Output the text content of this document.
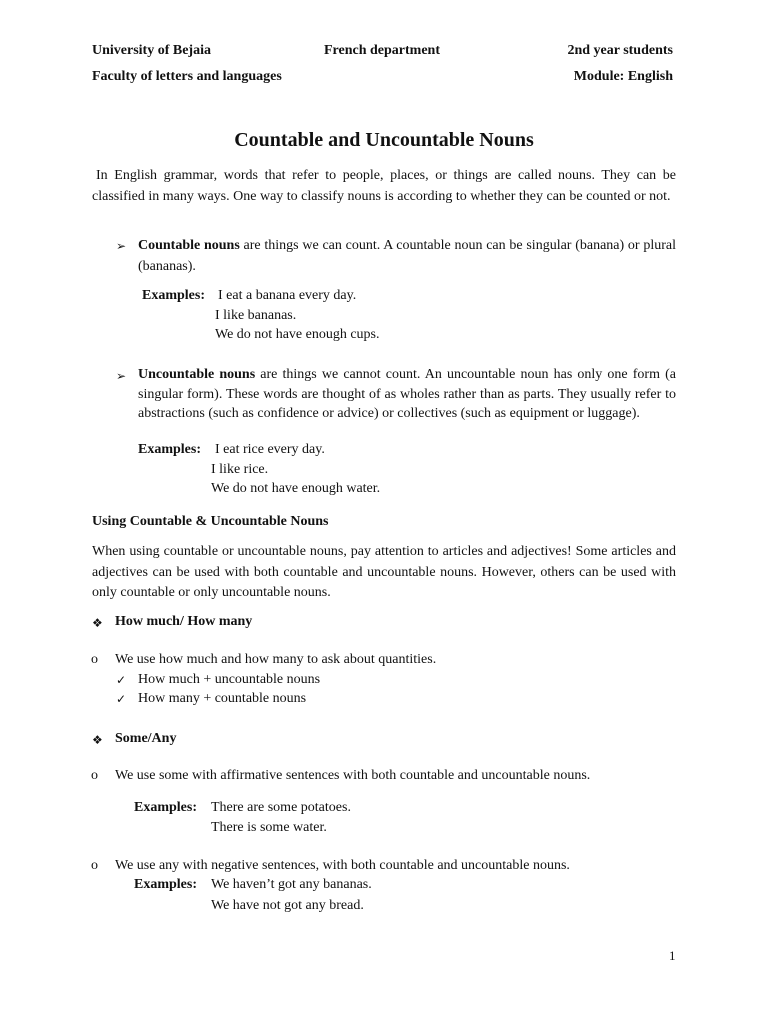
University of Bejaia	French department	2nd year students
Faculty of letters and languages	Module: English
Countable and Uncountable Nouns
In English grammar, words that refer to people, places, or things are called nouns. They can be classified in many ways. One way to classify nouns is according to whether they can be counted or not.
➢ Countable nouns are things we can count. A countable noun can be singular (banana) or plural (bananas).
Examples: I eat a banana every day.
I like bananas.
We do not have enough cups.
➢ Uncountable nouns are things we cannot count. An uncountable noun has only one form (a singular form). These words are thought of as wholes rather than as parts. They usually refer to abstractions (such as confidence or advice) or collectives (such as equipment or luggage).
Examples: I eat rice every day.
I like rice.
We do not have enough water.
Using Countable & Uncountable Nouns
When using countable or uncountable nouns, pay attention to articles and adjectives! Some articles and adjectives can be used with both countable and uncountable nouns. However, others can be used with only countable or only uncountable nouns.
❖ How much/ How many
o We use how much and how many to ask about quantities.
✓ How much + uncountable nouns
✓ How many + countable nouns
❖ Some/Any
o We use some with affirmative sentences with both countable and uncountable nouns.
Examples: There are some potatoes.
There is some water.
o We use any with negative sentences, with both countable and uncountable nouns.
Examples: We haven’t got any bananas.
We have not got any bread.
1
